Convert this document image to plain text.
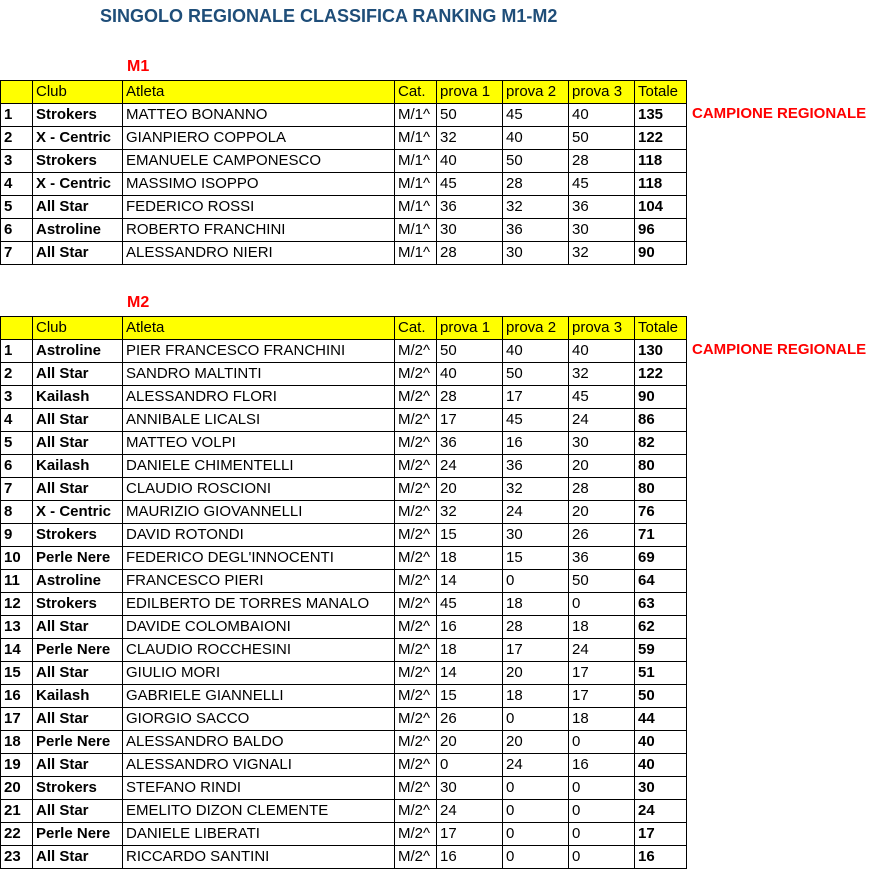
SINGOLO REGIONALE CLASSIFICA RANKING M1-M2
M1
	Club	Atleta	Cat.	prova 1	prova 2	prova 3	Totale
1	Strokers	MATTEO BONANNO	M/1^	50	45	40	135
2	X - Centric	GIANPIERO COPPOLA	M/1^	32	40	50	122
3	Strokers	EMANUELE CAMPONESCO	M/1^	40	50	28	118
4	X - Centric	MASSIMO ISOPPO	M/1^	45	28	45	118
5	All Star	FEDERICO ROSSI	M/1^	36	32	36	104
6	Astroline	ROBERTO FRANCHINI	M/1^	30	36	30	96
7	All Star	ALESSANDRO NIERI	M/1^	28	30	32	90
CAMPIONE REGIONALE
M2
	Club	Atleta	Cat.	prova 1	prova 2	prova 3	Totale
1	Astroline	PIER FRANCESCO FRANCHINI	M/2^	50	40	40	130
2	All Star	SANDRO MALTINTI	M/2^	40	50	32	122
3	Kailash	ALESSANDRO FLORI	M/2^	28	17	45	90
4	All Star	ANNIBALE LICALSI	M/2^	17	45	24	86
5	All Star	MATTEO VOLPI	M/2^	36	16	30	82
6	Kailash	DANIELE CHIMENTELLI	M/2^	24	36	20	80
7	All Star	CLAUDIO ROSCIONI	M/2^	20	32	28	80
8	X - Centric	MAURIZIO GIOVANNELLI	M/2^	32	24	20	76
9	Strokers	DAVID ROTONDI	M/2^	15	30	26	71
10	Perle Nere	FEDERICO DEGL'INNOCENTI	M/2^	18	15	36	69
11	Astroline	FRANCESCO PIERI	M/2^	14	0	50	64
12	Strokers	EDILBERTO DE TORRES MANALO	M/2^	45	18	0	63
13	All Star	DAVIDE COLOMBAIONI	M/2^	16	28	18	62
14	Perle Nere	CLAUDIO ROCCHESINI	M/2^	18	17	24	59
15	All Star	GIULIO MORI	M/2^	14	20	17	51
16	Kailash	GABRIELE GIANNELLI	M/2^	15	18	17	50
17	All Star	GIORGIO SACCO	M/2^	26	0	18	44
18	Perle Nere	ALESSANDRO BALDO	M/2^	20	20	0	40
19	All Star	ALESSANDRO VIGNALI	M/2^	0	24	16	40
20	Strokers	STEFANO RINDI	M/2^	30	0	0	30
21	All Star	EMELITO DIZON CLEMENTE	M/2^	24	0	0	24
22	Perle Nere	DANIELE LIBERATI	M/2^	17	0	0	17
23	All Star	RICCARDO SANTINI	M/2^	16	0	0	16
CAMPIONE REGIONALE
